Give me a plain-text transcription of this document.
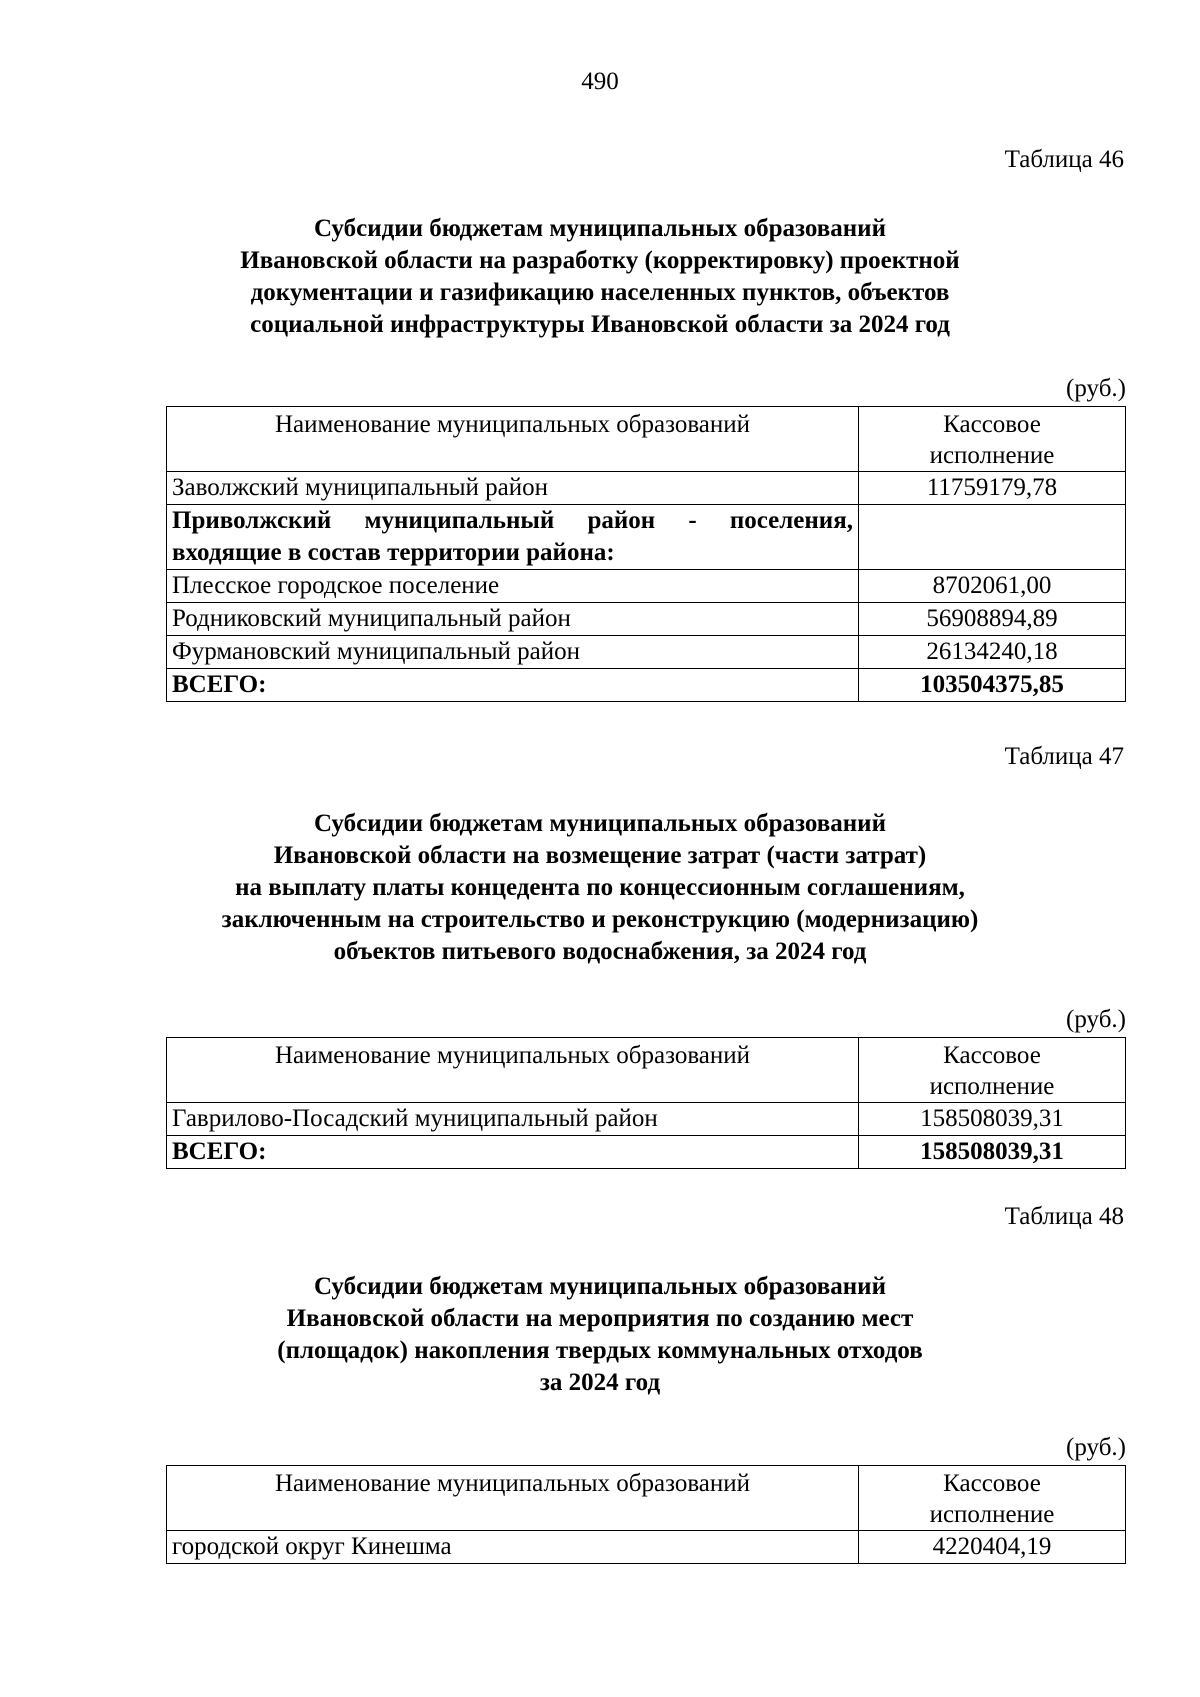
490
Таблица 46
Субсидии бюджетам муниципальных образований
Ивановской области на разработку (корректировку) проектной
документации и газификацию населенных пунктов, объектов
социальной инфраструктуры Ивановской области за 2024 год
(руб.)
Наименование муниципальных образований	Кассовое
исполнение

Заволжский муниципальный район	11759179,78

Приволжский муниципальный район - поселения,
входящие в состав территории района:	

Плесское городское поселение	8702061,00
Родниковский муниципальный район	56908894,89
Фурмановский муниципальный район	26134240,18
ВСЕГО:	103504375,85
Таблица 47
Субсидии бюджетам муниципальных образований
Ивановской области на возмещение затрат (части затрат)
на выплату платы концедента по концессионным соглашениям,
заключенным на строительство и реконструкцию (модернизацию)
объектов питьевого водоснабжения, за 2024 год
(руб.)
Наименование муниципальных образований	Кассовое
исполнение

Гаврилово-Посадский муниципальный район	158508039,31
ВСЕГО:	158508039,31
Таблица 48
Субсидии бюджетам муниципальных образований
Ивановской области на мероприятия по созданию мест
(площадок) накопления твердых коммунальных отходов
за 2024 год
(руб.)
Наименование муниципальных образований	Кассовое
исполнение

городской округ Кинешма	4220404,19
